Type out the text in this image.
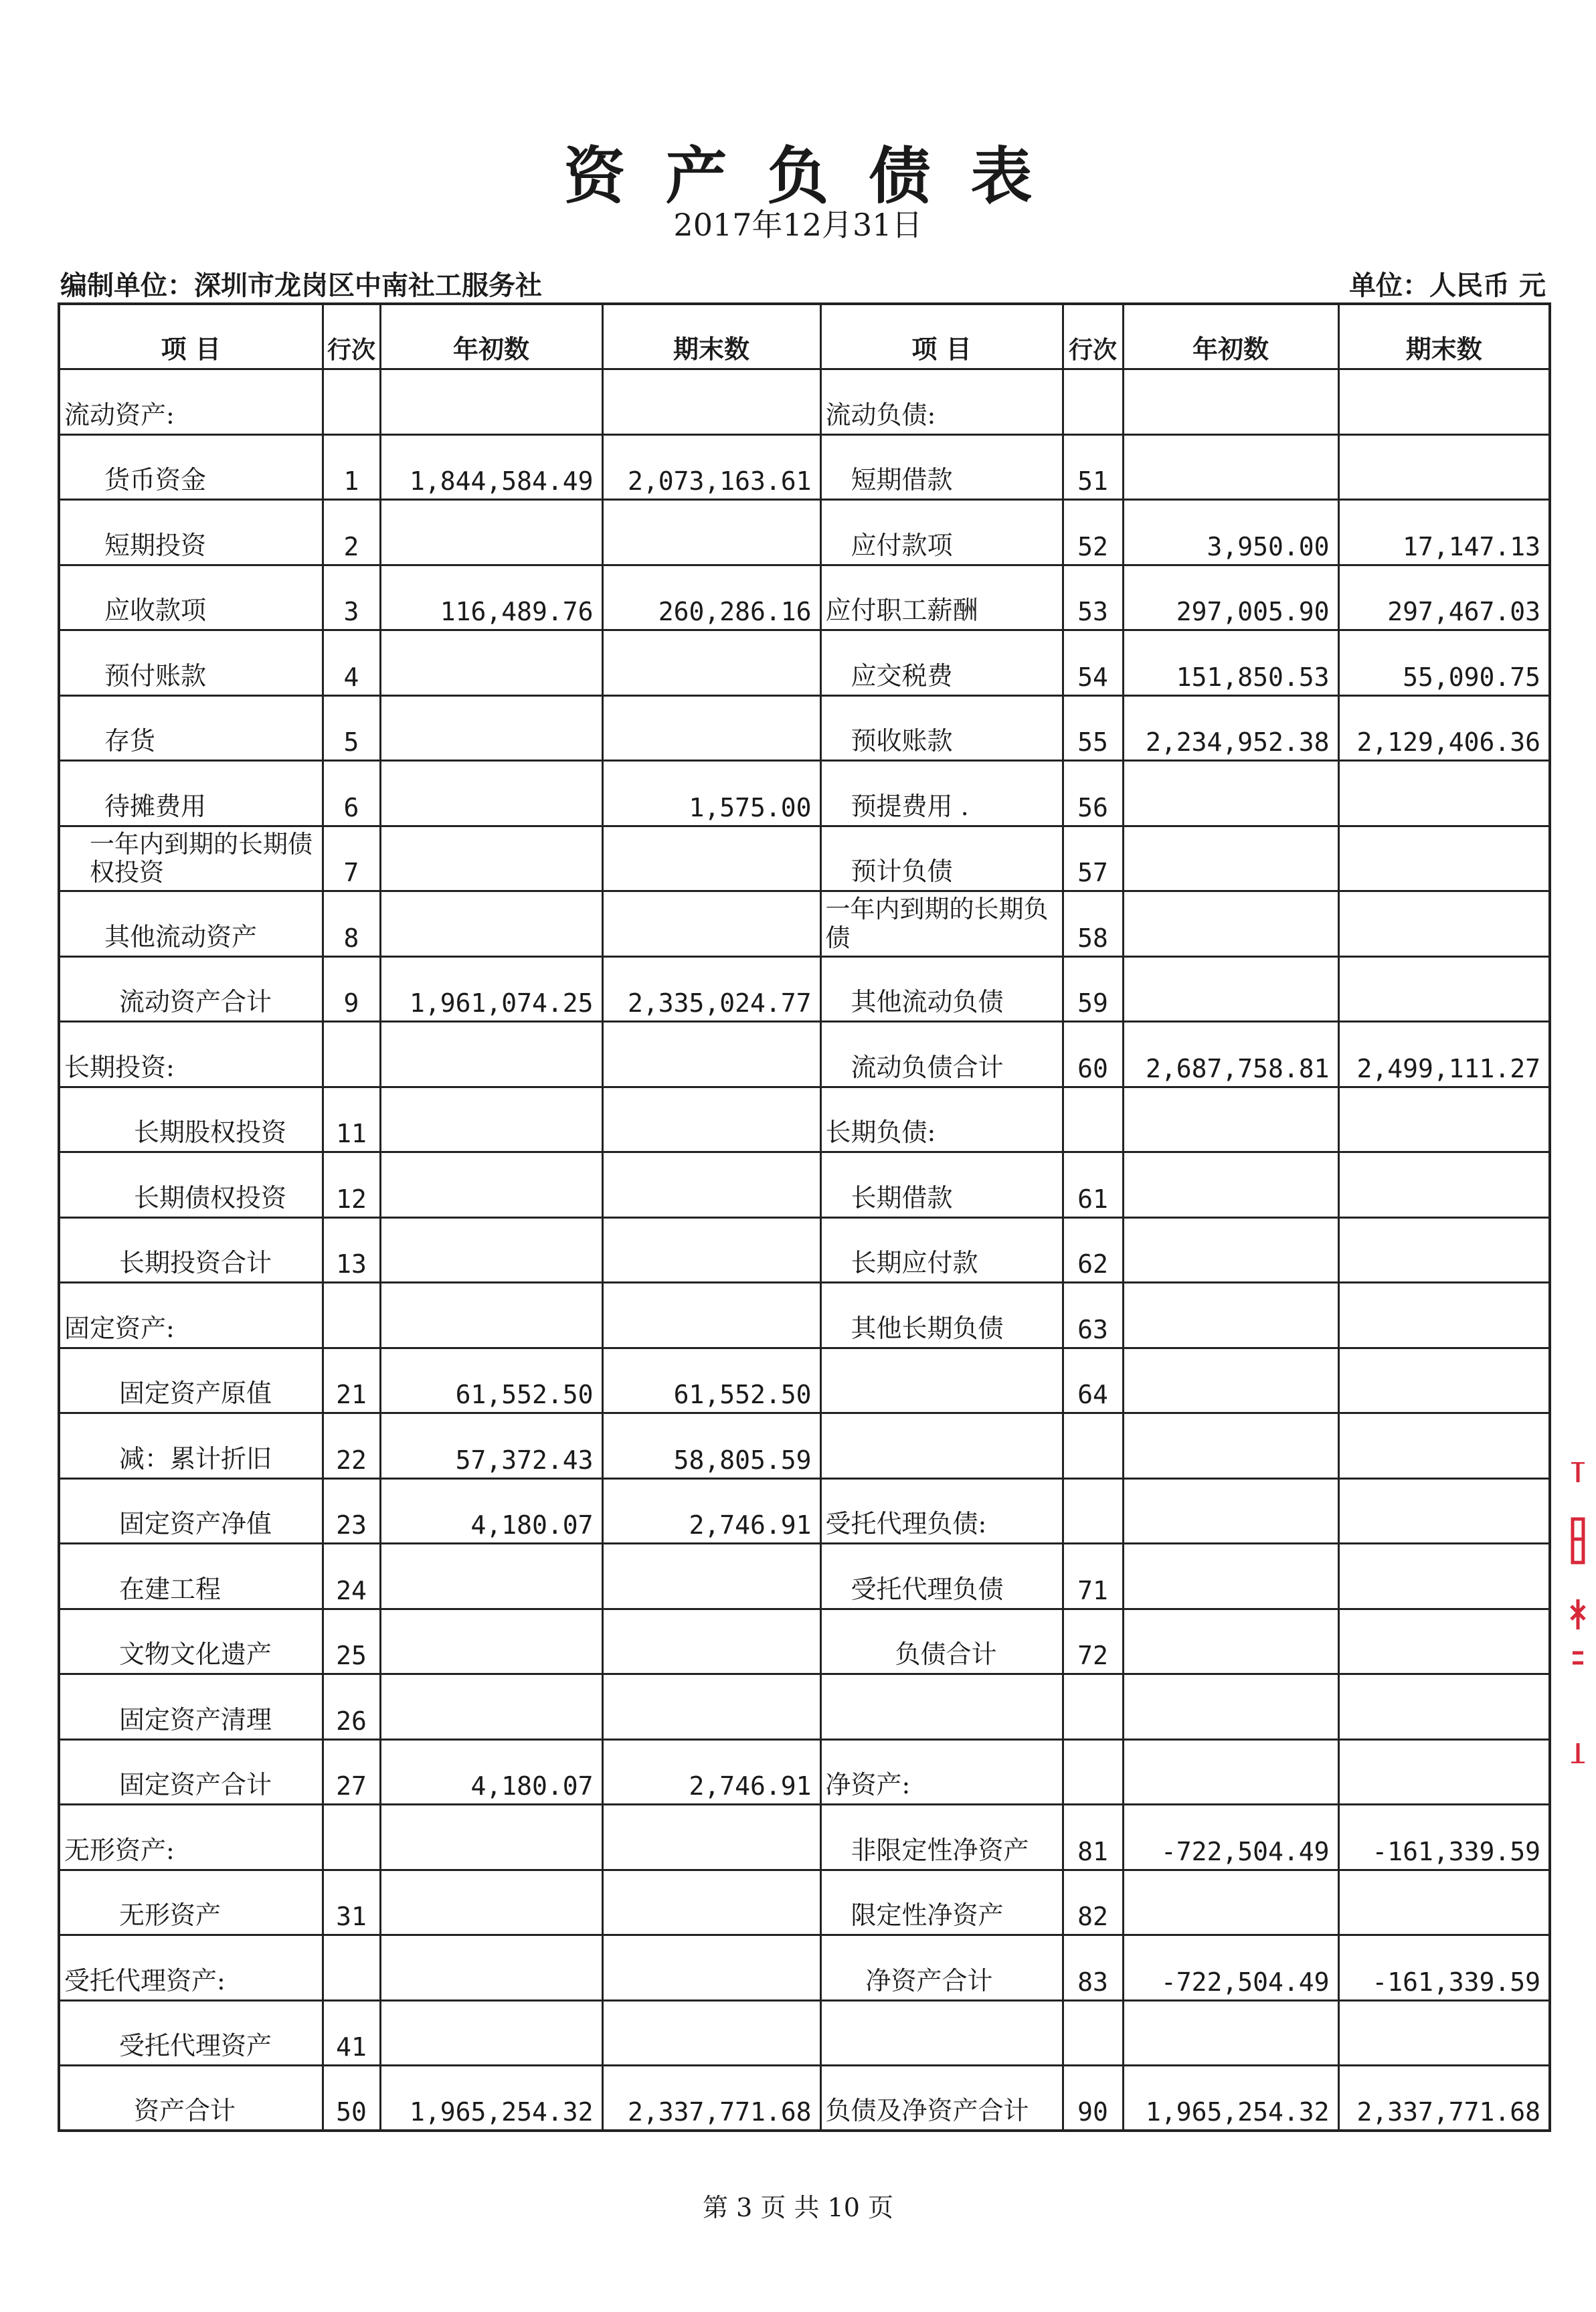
资产负债表
2017年12月31日
编制单位：深圳市龙岗区中南社工服务社	单位：人民币 元
项 目	行次	年初数	期末数	项 目	行次	年初数	期末数
流动资产:				流动负债:			
货币资金	1	1,844,584.49	2,073,163.61	短期借款	51		
短期投资	2			应付款项	52	3,950.00	17,147.13
应收款项	3	116,489.76	260,286.16	应付职工薪酬	53	297,005.90	297,467.03
预付账款	4			应交税费	54	151,850.53	55,090.75
存货	5			预收账款	55	2,234,952.38	2,129,406.36
待摊费用	6		1,575.00	预提费用 .	56		
一年内到期的长期债权投资	7			预计负债	57		
其他流动资产	8			一年内到期的长期负债	58		
流动资产合计	9	1,961,074.25	2,335,024.77	其他流动负债	59		
长期投资:				流动负债合计	60	2,687,758.81	2,499,111.27
长期股权投资	11			长期负债:			
长期债权投资	12			长期借款	61		
长期投资合计	13			长期应付款	62		
固定资产:				其他长期负债	63		
固定资产原值	21	61,552.50	61,552.50		64		
减：累计折旧	22	57,372.43	58,805.59				
固定资产净值	23	4,180.07	2,746.91	受托代理负债:			
在建工程	24			受托代理负债	71		
文物文化遗产	25			负债合计	72		
固定资产清理	26						
固定资产合计	27	4,180.07	2,746.91	净资产:			
无形资产:				非限定性净资产	81	-722,504.49	-161,339.59
无形资产	31			限定性净资产	82		
受托代理资产:				净资产合计	83	-722,504.49	-161,339.59
受托代理资产	41						
资产合计	50	1,965,254.32	2,337,771.68	负债及净资产合计	90	1,965,254.32	2,337,771.68
第 3 页 共 10 页
